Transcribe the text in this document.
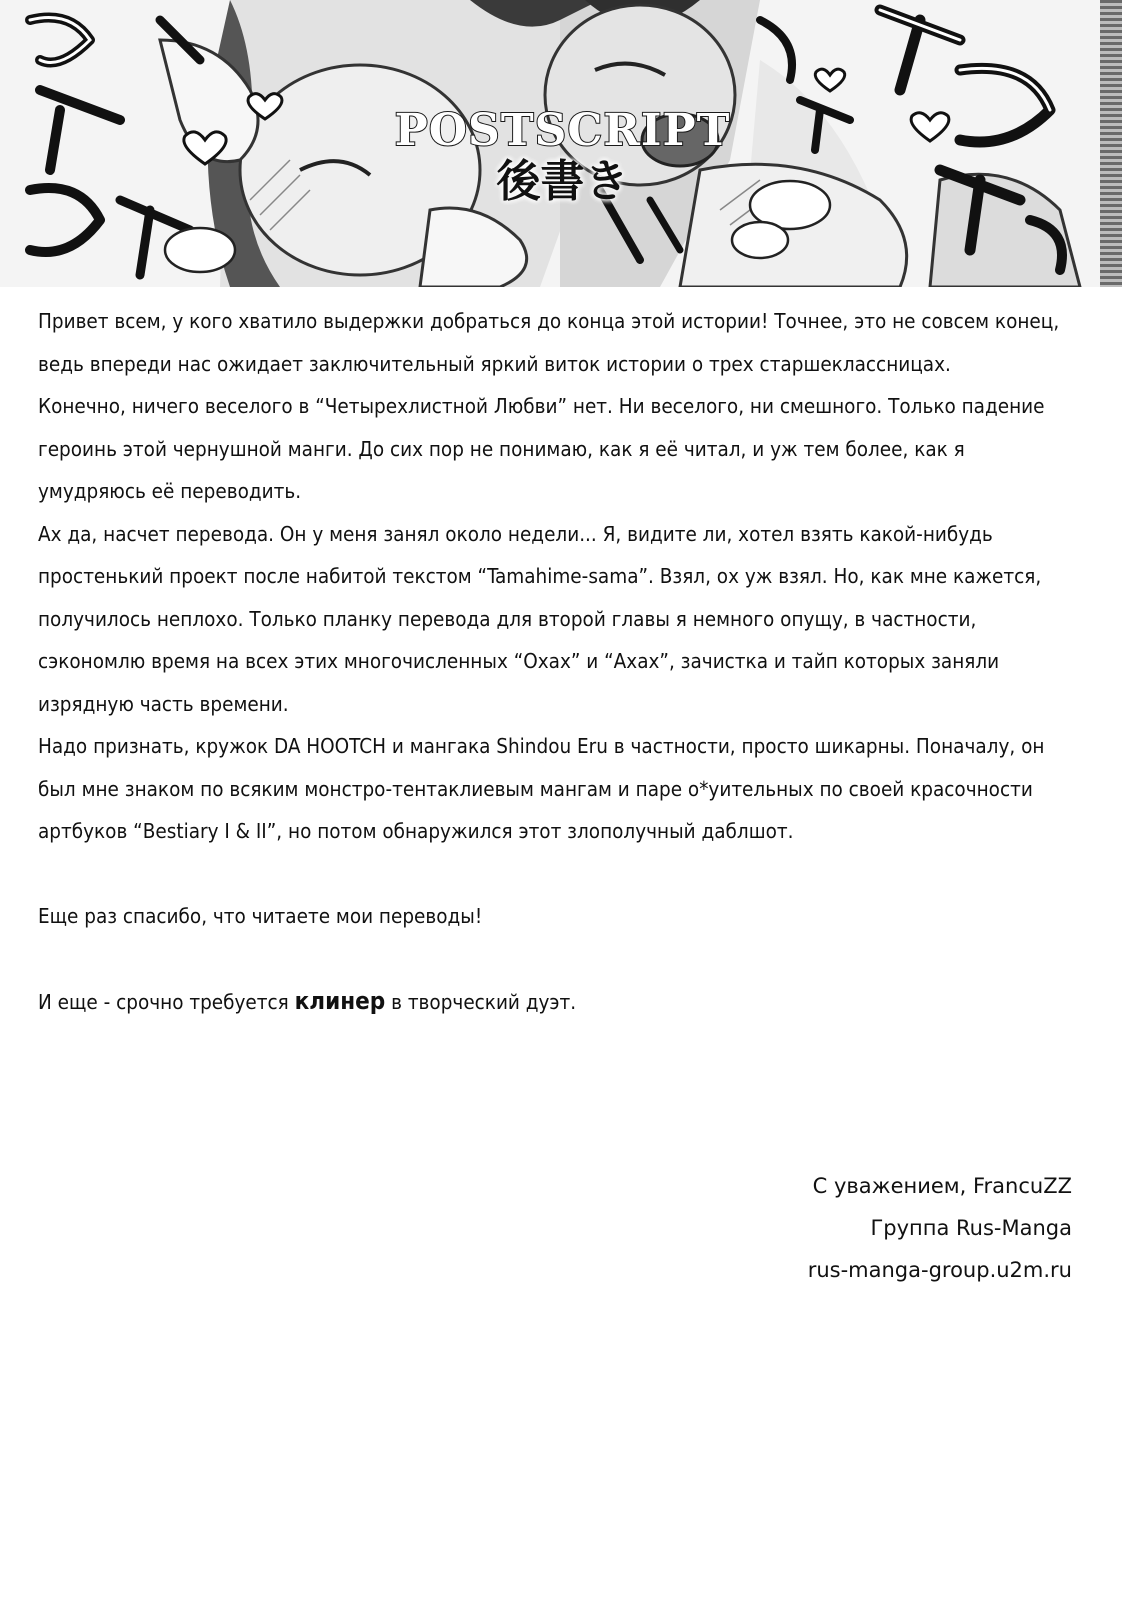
POSTSCRIPT
後書き

Привет всем, у кого хватило выдержки добраться до конца этой истории! Точнее, это не совсем конец, ведь впереди нас ожидает заключительный яркий виток истории о трех старшеклассницах.

Конечно, ничего веселого в “Четырехлистной Любви” нет. Ни веселого, ни смешного. Только падение героинь этой чернушной манги. До сих пор не понимаю, как я её читал, и уж тем более, как я умудряюсь её переводить.

Ах да, насчет перевода. Он у меня занял около недели... Я, видите ли, хотел взять какой-нибудь простенький проект после набитой текстом “Tamahime-sama”. Взял, ох уж взял. Но, как мне кажется, получилось неплохо. Только планку перевода для второй главы я немного опущу, в частности, сэкономлю время на всех этих многочисленных “Охах” и “Ахах”, зачистка и тайп которых заняли изрядную часть времени.

Надо признать, кружок DA HOOTCH и мангака Shindou Eru в частности, просто шикарны. Поначалу, он был мне знаком по всяким монстро-тентаклиевым мангам и паре о*уительных по своей красочности артбуков “Bestiary I & II”, но потом обнаружился этот злополучный даблшот.

Еще раз спасибо, что читаете мои переводы!

И еще - срочно требуется клинер в творческий дуэт.

С уважением, FrancuZZ
Группа Rus-Manga
rus-manga-group.u2m.ru
